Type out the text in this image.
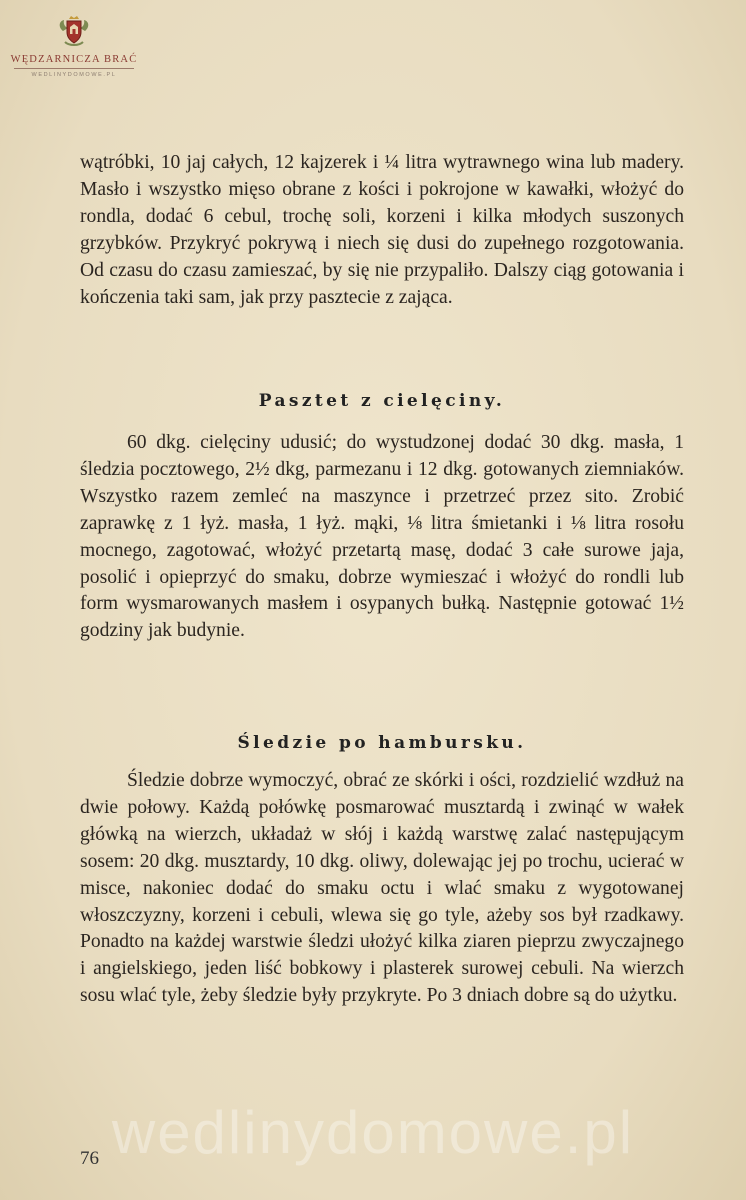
WĘDZARNICZA BRAĆ
WEDLINYDOMOWE.PL

wątróbki, 10 jaj całych, 12 kajzerek i ¼ litra wytrawnego wina lub madery. Masło i wszystko mięso obrane z kości i pokrojone w kawałki, włożyć do rondla, dodać 6 cebul, trochę soli, korzeni i kilka młodych suszonych grzybków. Przykryć pokrywą i niech się dusi do zupełnego rozgotowania. Od czasu do czasu zamieszać, by się nie przypaliło. Dalszy ciąg gotowania i kończenia taki sam, jak przy pasztecie z zająca.

Pasztet z cielęciny.

60 dkg. cielęciny udusić; do wystudzonej dodać 30 dkg. masła, 1 śledzia pocztowego, 2½ dkg, parmezanu i 12 dkg. gotowanych ziemniaków. Wszystko razem zemleć na maszynce i przetrzeć przez sito. Zrobić zaprawkę z 1 łyż. masła, 1 łyż. mąki, ⅛ litra śmietanki i ⅛ litra rosołu mocnego, zagotować, włożyć przetartą masę, dodać 3 całe surowe jaja, posolić i opieprzyć do smaku, dobrze wymieszać i włożyć do rondli lub form wysmarowanych masłem i osypanych bułką. Następnie gotować 1½ godziny jak budynie.

Śledzie po hambursku.

Śledzie dobrze wymoczyć, obrać ze skórki i ości, rozdzielić wzdłuż na dwie połowy. Każdą połówkę posmarować musztardą i zwinąć w wałek główką na wierzch, układaż w słój i każdą warstwę zalać następującym sosem: 20 dkg. musztardy, 10 dkg. oliwy, dolewając jej po trochu, ucierać w misce, nakoniec dodać do smaku octu i wlać smaku z wygotowanej włoszczyzny, korzeni i cebuli, wlewa się go tyle, ażeby sos był rzadkawy. Ponadto na każdej warstwie śledzi ułożyć kilka ziaren pieprzu zwyczajnego i angielskiego, jeden liść bobkowy i plasterek surowej cebuli. Na wierzch sosu wlać tyle, żeby śledzie były przykryte. Po 3 dniach dobre są do użytku.

wedlinydomowe.pl
76
